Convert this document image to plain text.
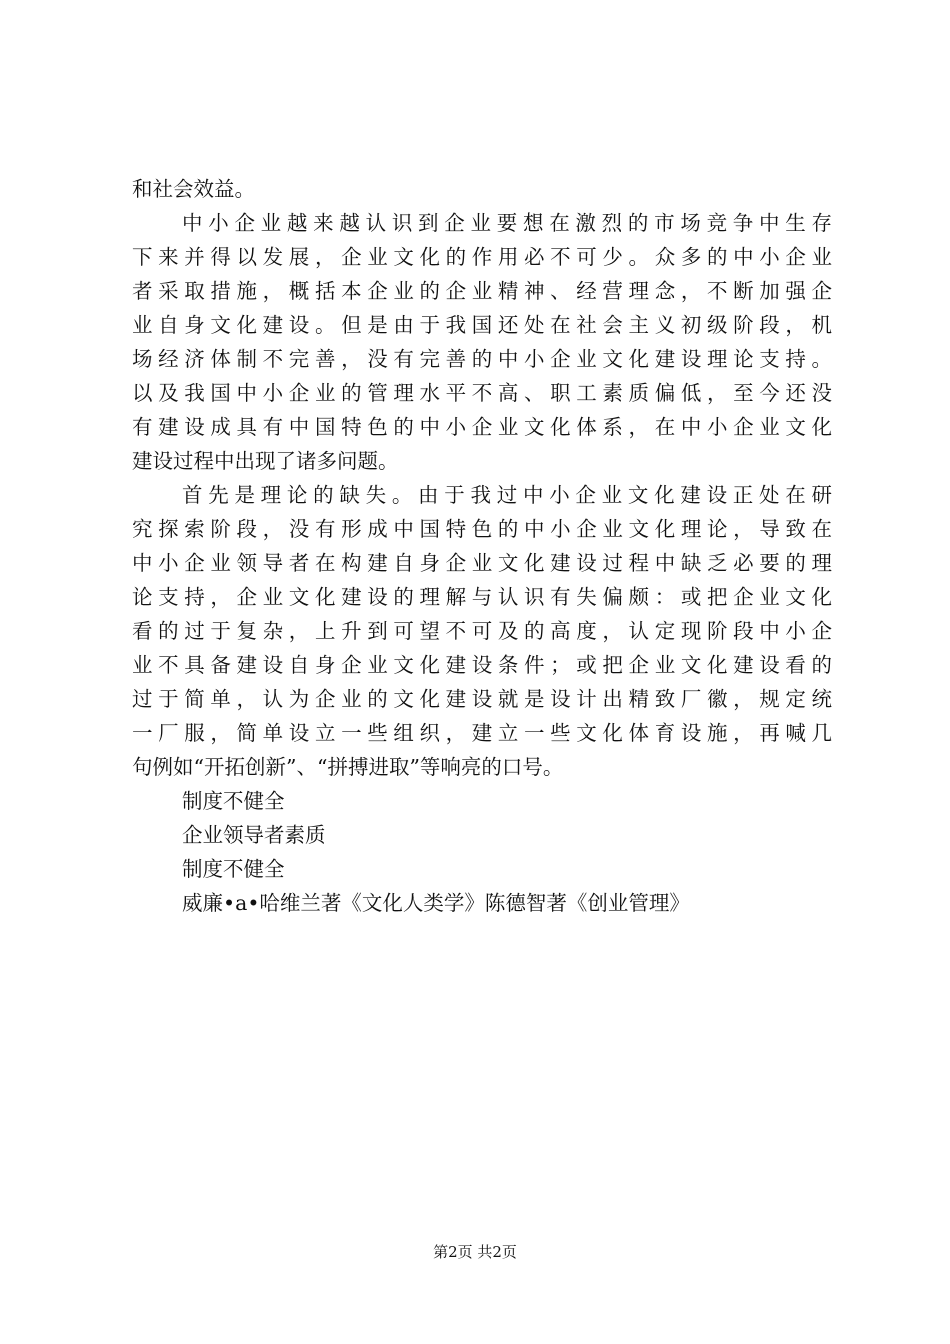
和社会效益。
中小企业越来越认识到企业要想在激烈的市场竞争中生存
下来并得以发展，企业文化的作用必不可少。众多的中小企业
者采取措施，概括本企业的企业精神、经营理念，不断加强企
业自身文化建设。但是由于我国还处在社会主义初级阶段，机
场经济体制不完善，没有完善的中小企业文化建设理论支持。
以及我国中小企业的管理水平不高、职工素质偏低，至今还没
有建设成具有中国特色的中小企业文化体系，在中小企业文化
建设过程中出现了诸多问题。
首先是理论的缺失。由于我过中小企业文化建设正处在研
究探索阶段，没有形成中国特色的中小企业文化理论，导致在
中小企业领导者在构建自身企业文化建设过程中缺乏必要的理
论支持，企业文化建设的理解与认识有失偏颇：或把企业文化
看的过于复杂，上升到可望不可及的高度，认定现阶段中小企
业不具备建设自身企业文化建设条件；或把企业文化建设看的
过于简单，认为企业的文化建设就是设计出精致厂徽，规定统
一厂服，简单设立一些组织，建立一些文化体育设施，再喊几
句例如“开拓创新”、“拼搏进取”等响亮的口号。
制度不健全
企业领导者素质
制度不健全
威廉•a•哈维兰著《文化人类学》陈德智著《创业管理》
第2页 共2页
